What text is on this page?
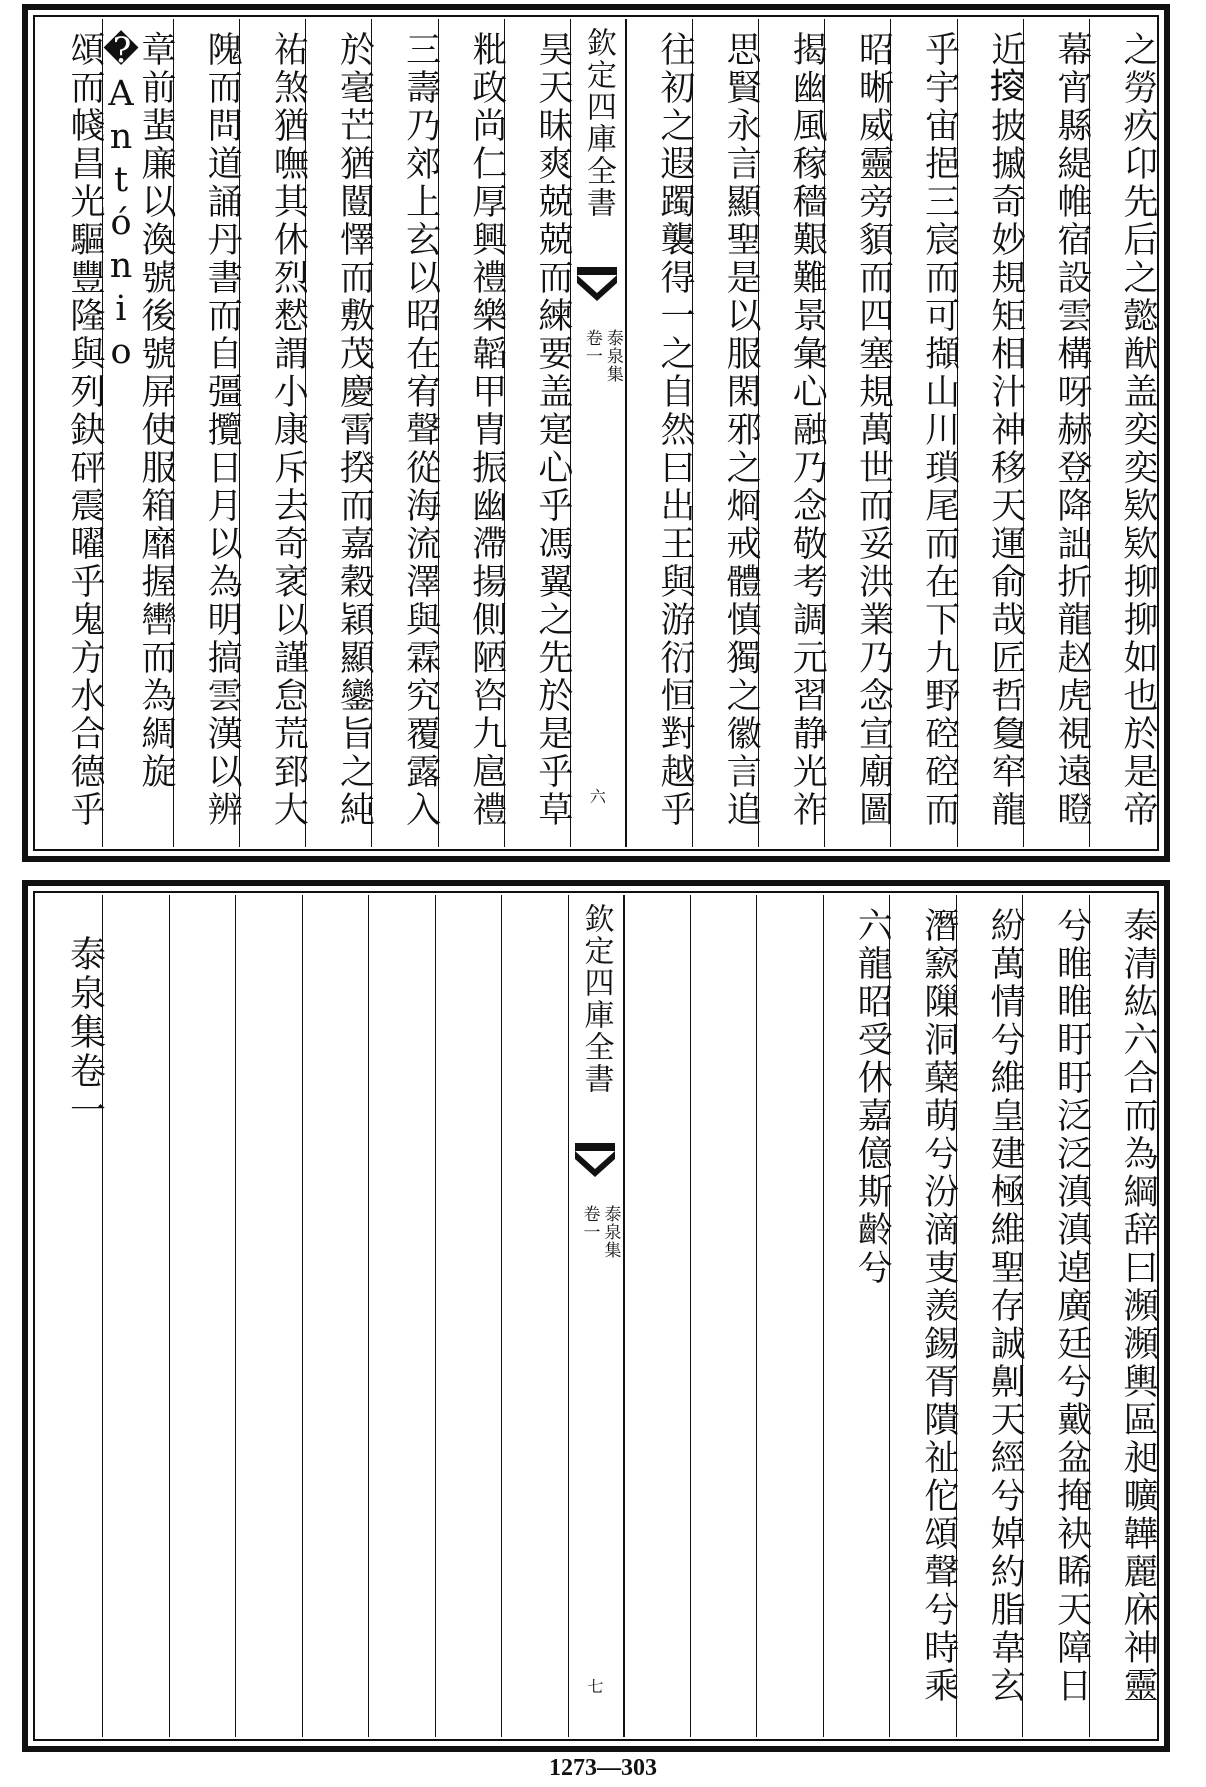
之勞疚卬先后之懿猷盖奕奕欵欵㧕㧕如也於是帝
幕宵縣緹帷宿設雲構呀赫登降詘折龍赵虎視遠瞪
近𢯱披摵奇妙規矩相汁神移天運俞哉匠哲敻窂龍
乎宇宙挹三宸而可擷山川瑣尾而在下九野硿硿而
昭晰威靈旁䫉而四塞規萬世而妥洪業乃念宣廟圖
揭幽風稼穡艱難景𢑥心融乃念敬考調元習静光祚
思賢永言顯聖是以服閑邪之烱戒體慎獨之徽言追
往初之遐躅襲得一之自然曰出王與游衍恒對越乎
欽定四庫全書
泰泉集
卷一
六
昊天昧爽兢兢而練要盖寔心乎馮翼之先於是乎草
粃政尚仁厚興禮樂韜甲胄振幽滯揚側陋咨九扈禮
三壽乃郊上玄以昭在宥聲從海流澤與霖究覆露入
於毫芒猶闓懌而敷茂慶霄揆而嘉穀穎顯鑾旨之純
祐煞猶嘸其休烈慭謂小康斥去奇衺以謹怠荒郅大
隗而問道誦丹書而自彊攬日月以為明搞雲漢以辨
章前蜚廉以渙號後號屏使服箱靡握轡而為綢旋�António
頌而帴昌光驅豐隆與列鈌砰震曜乎鬼方水合德乎
泰清紘六合而為綱辞曰瀕瀕輿區昶曠韡麗庥神靈
兮睢睢盱盱泛泛滇滇逴廣廷兮戴盆掩袂睎天障日
紛萬情兮維皇建極維聖存誠劓天經兮婥約脂韋玄
潛窾隟洞蘖萌兮汾滴叓羨錫胥隤祉佗頌聲兮時乘
六龍昭受休嘉億斯齡兮
欽定四庫全書
泰泉集
卷一
七
泰泉集卷一
1273—303
